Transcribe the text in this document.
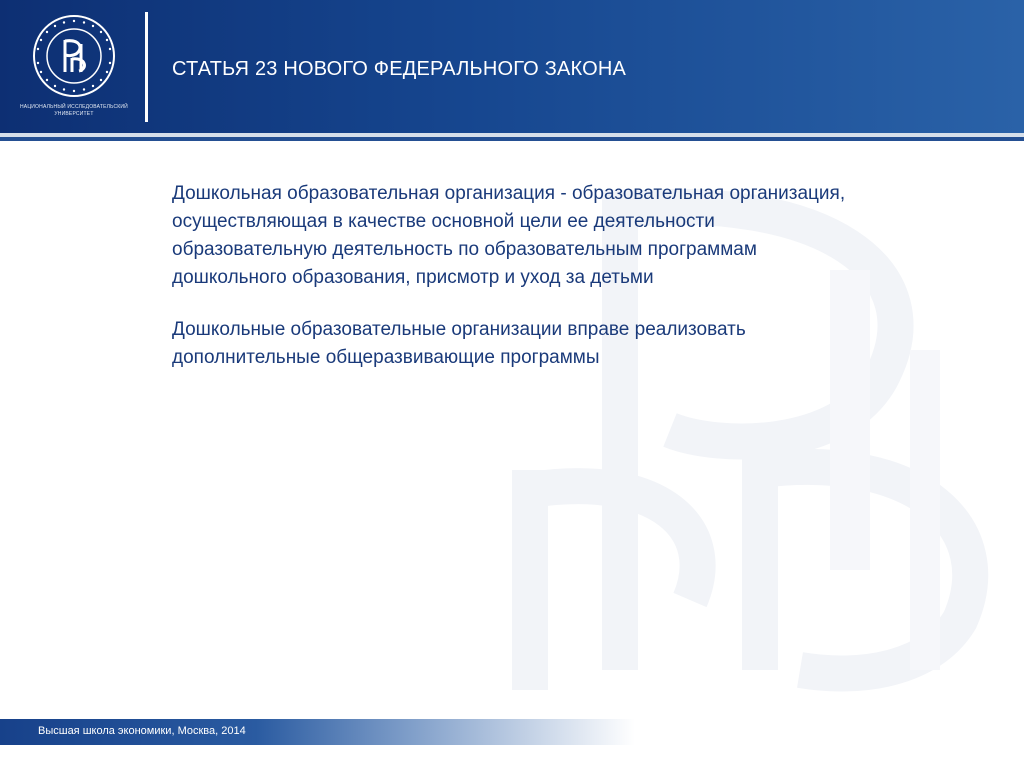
НАЦИОНАЛЬНЫЙ ИССЛЕДОВАТЕЛЬСКИЙ УНИВЕРСИТЕТ
СТАТЬЯ 23 НОВОГО ФЕДЕРАЛЬНОГО ЗАКОНА

Дошкольная образовательная организация - образовательная организация, осуществляющая в качестве основной цели ее деятельности образовательную деятельность по образовательным программам дошкольного образования, присмотр и уход за детьми

Дошкольные образовательные организации вправе реализовать дополнительные общеразвивающие программы

Высшая школа экономики, Москва, 2014
